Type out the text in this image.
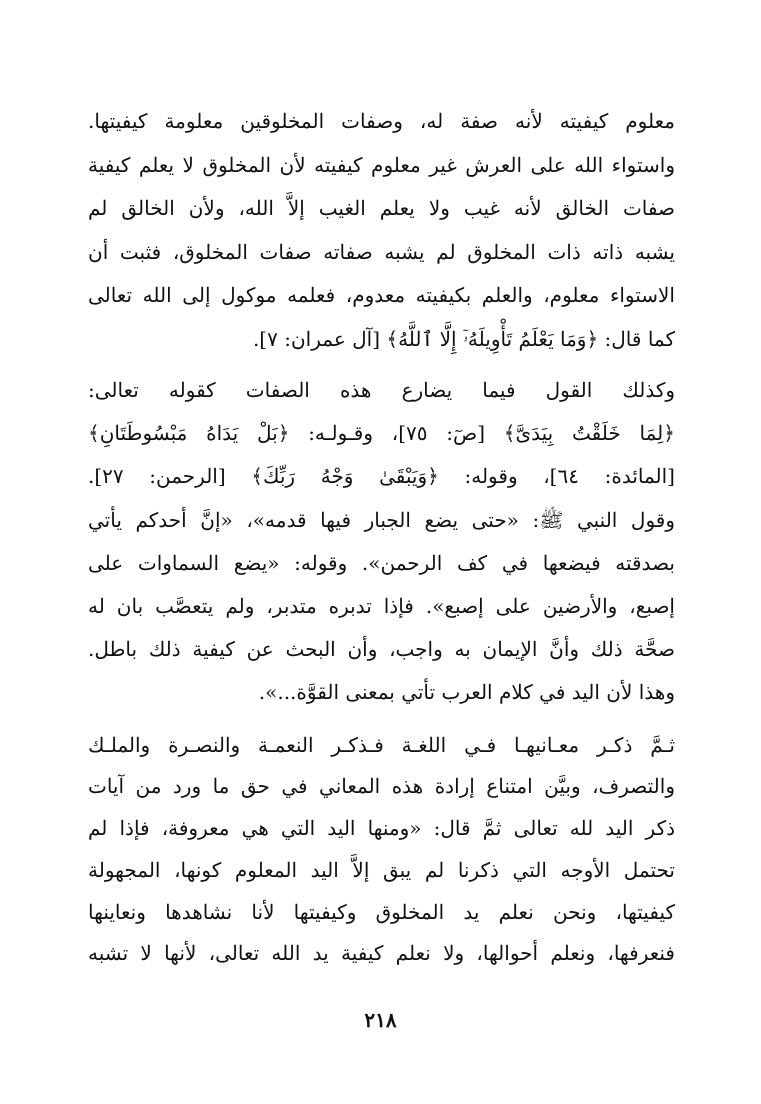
معلوم كيفيته لأنه صفة له، وصفات المخلوقين معلومة كيفيتها.
واستواء الله على العرش غير معلوم كيفيته لأن المخلوق لا يعلم كيفية
صفات الخالق لأنه غيب ولا يعلم الغيب إلاَّ الله، ولأن الخالق لم
يشبه ذاته ذات المخلوق لم يشبه صفاته صفات المخلوق، فثبت أن
الاستواء معلوم، والعلم بكيفيته معدوم، فعلمه موكول إلى الله تعالى
كما قال: ﴿وَمَا يَعْلَمُ تَأْوِيلَهُۥٓ إِلَّا ٱللَّهُ﴾ [آل عمران: ٧].
وكذلك القول فيما يضارع هذه الصفات كقوله تعالى:
﴿لِمَا خَلَقْتُ بِيَدَىَّ﴾ [صٓ: ٧٥]، وقـولـه: ﴿بَلْ يَدَاهُ مَبْسُوطَتَانِ﴾
[المائدة: ٦٤]، وقوله: ﴿وَيَبْقَىٰ وَجْهُ رَبِّكَ﴾ [الرحمن: ٢٧].
وقول النبي ﷺ: «حتى يضع الجبار فيها قدمه»، «إنَّ أحدكم يأتي
بصدقته فيضعها في كف الرحمن». وقوله: «يضع السماوات على
إصبع، والأرضين على إصبع». فإذا تدبره متدبر، ولم يتعصَّب بان له
صحَّة ذلك وأنَّ الإيمان به واجب، وأن البحث عن كيفية ذلك باطل.
وهذا لأن اليد في كلام العرب تأتي بمعنى القوَّة...».
ثـمَّ ذكـر معـانيهـا فـي اللغـة فـذكـر النعمـة والنصـرة والملـك
والتصرف، وبيَّن امتناع إرادة هذه المعاني في حق ما ورد من آيات
ذكر اليد لله تعالى ثمَّ قال: «ومنها اليد التي هي معروفة، فإذا لم
تحتمل الأوجه التي ذكرنا لم يبق إلاَّ اليد المعلوم كونها، المجهولة
كيفيتها، ونحن نعلم يد المخلوق وكيفيتها لأنا نشاهدها ونعاينها
فنعرفها، ونعلم أحوالها، ولا نعلم كيفية يد الله تعالى، لأنها لا تشبه
٢١٨
